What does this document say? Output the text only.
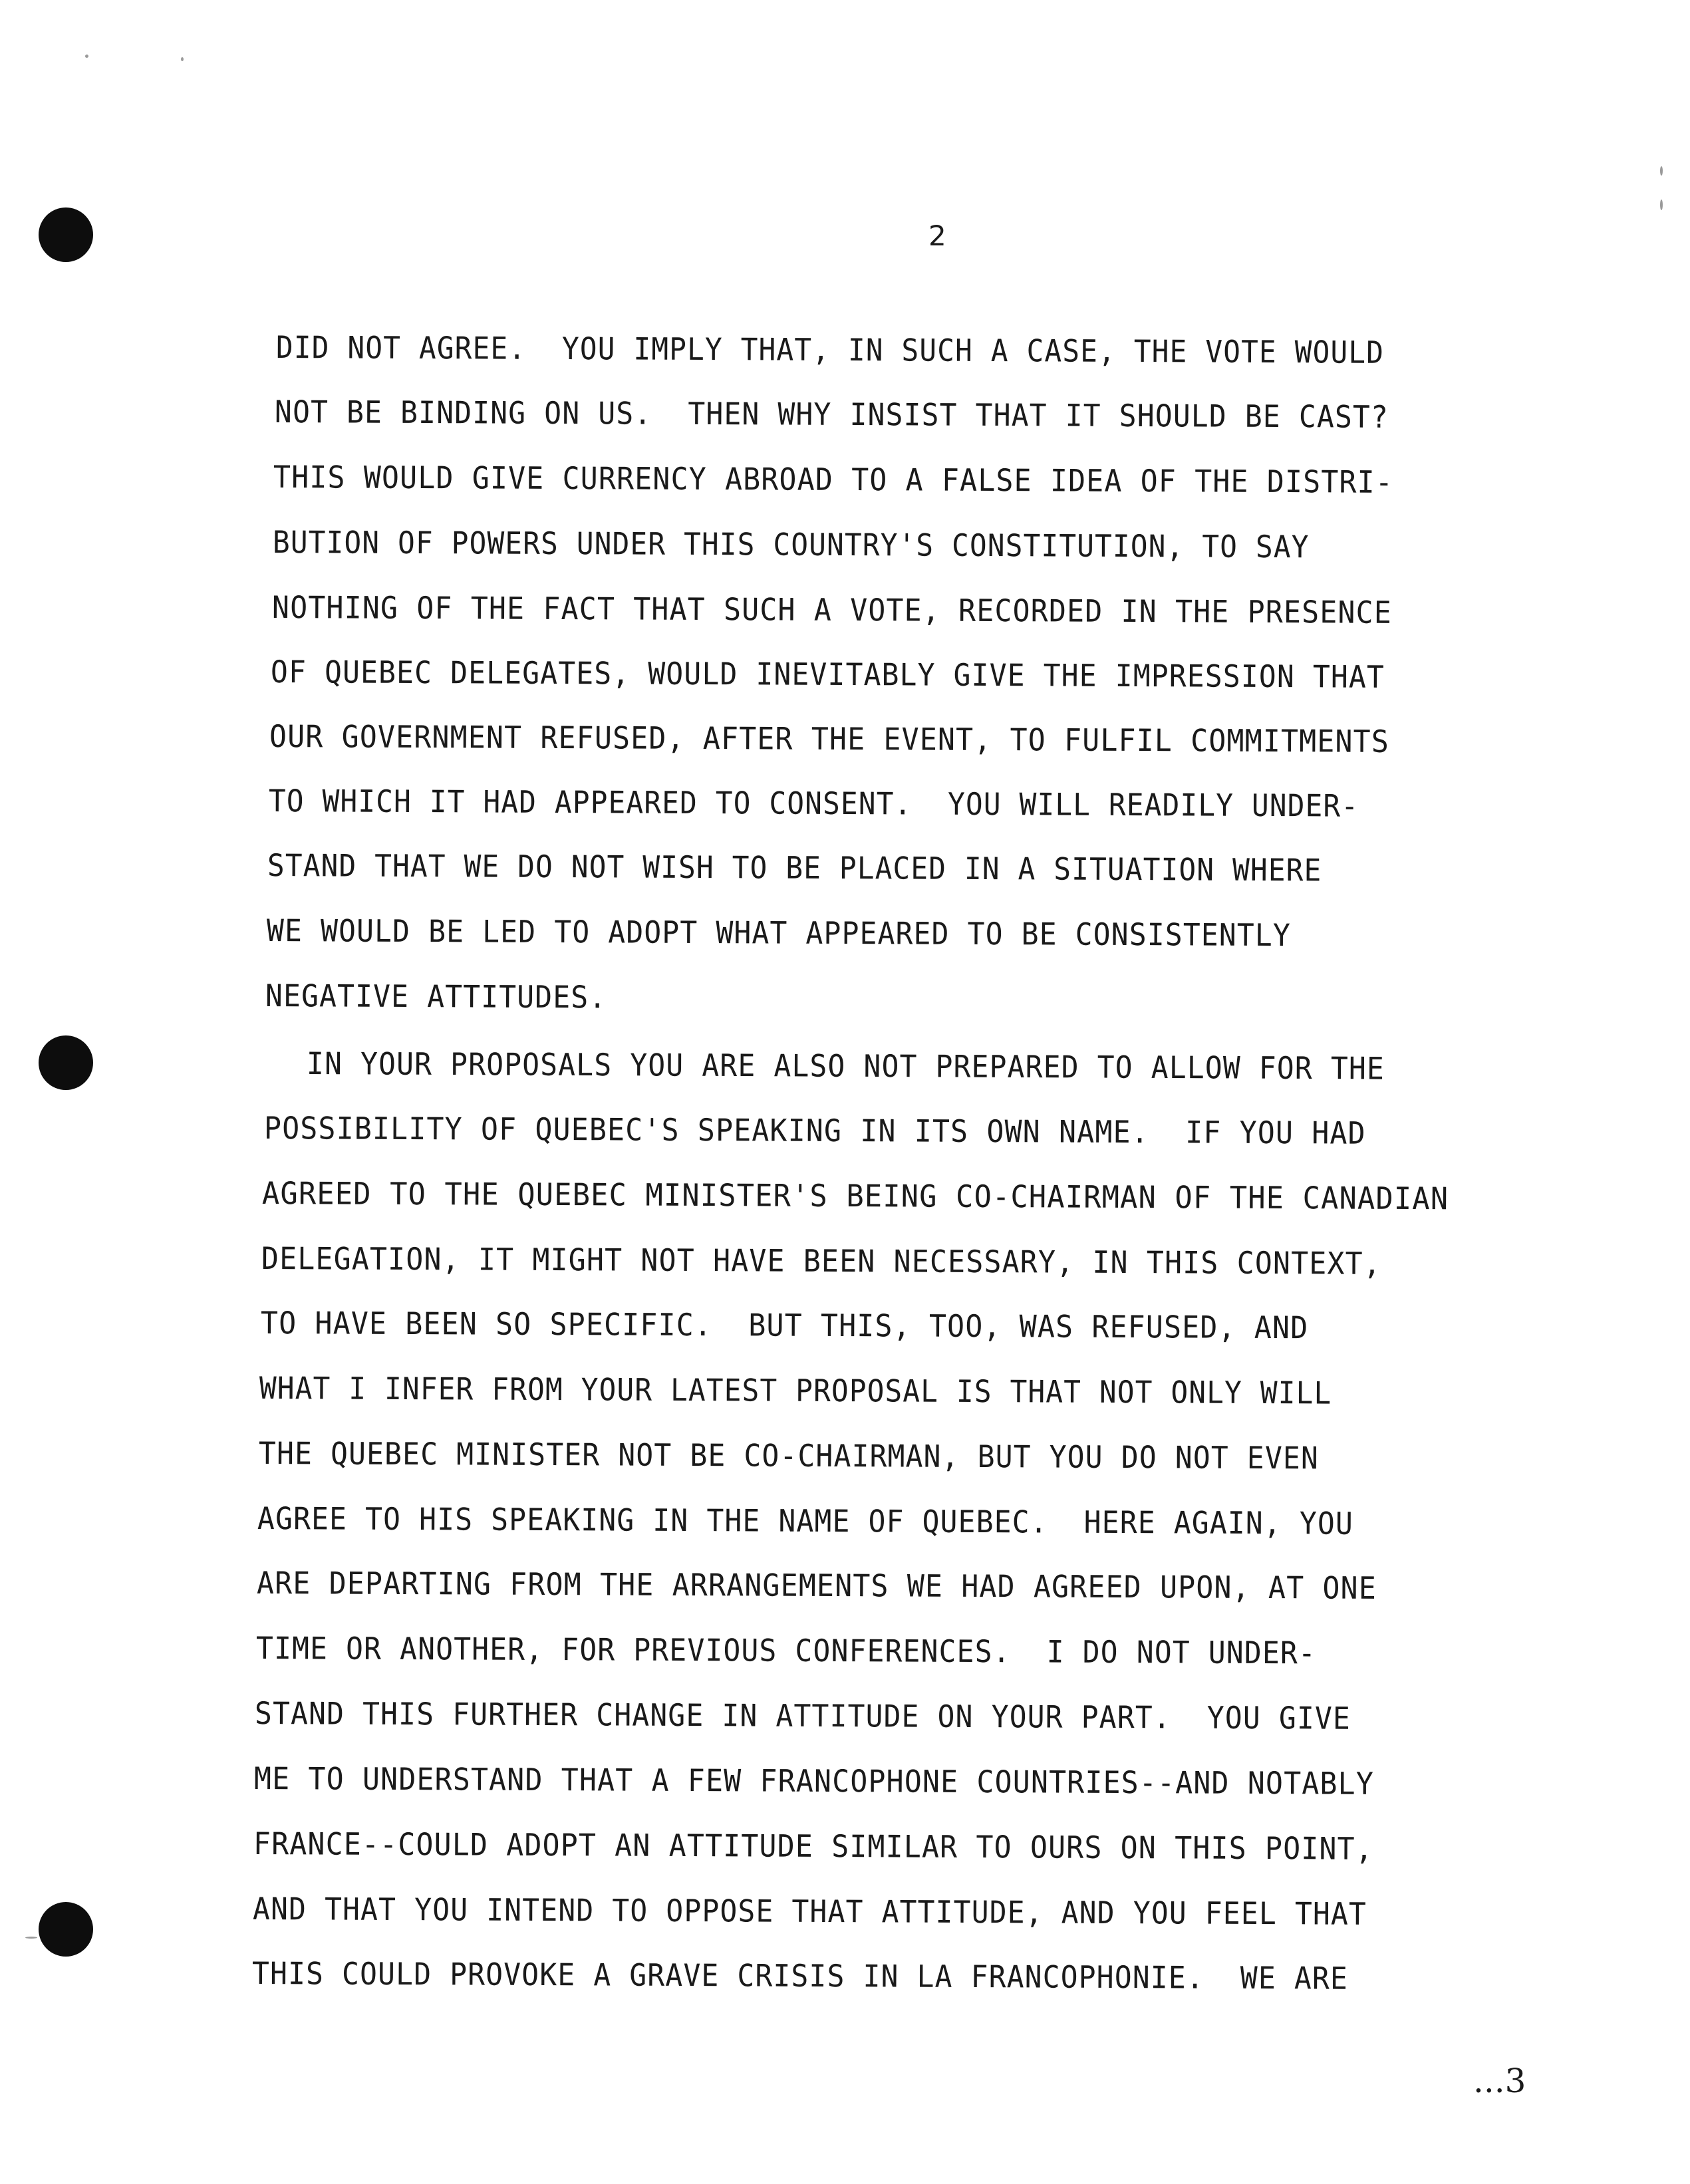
2
DID NOT AGREE.  YOU IMPLY THAT, IN SUCH A CASE, THE VOTE WOULD
NOT BE BINDING ON US.  THEN WHY INSIST THAT IT SHOULD BE CAST?
THIS WOULD GIVE CURRENCY ABROAD TO A FALSE IDEA OF THE DISTRI-
BUTION OF POWERS UNDER THIS COUNTRY'S CONSTITUTION, TO SAY
NOTHING OF THE FACT THAT SUCH A VOTE, RECORDED IN THE PRESENCE
OF QUEBEC DELEGATES, WOULD INEVITABLY GIVE THE IMPRESSION THAT
OUR GOVERNMENT REFUSED, AFTER THE EVENT, TO FULFIL COMMITMENTS
TO WHICH IT HAD APPEARED TO CONSENT.  YOU WILL READILY UNDER-
STAND THAT WE DO NOT WISH TO BE PLACED IN A SITUATION WHERE
WE WOULD BE LED TO ADOPT WHAT APPEARED TO BE CONSISTENTLY
NEGATIVE ATTITUDES.
IN YOUR PROPOSALS YOU ARE ALSO NOT PREPARED TO ALLOW FOR THE
POSSIBILITY OF QUEBEC'S SPEAKING IN ITS OWN NAME.  IF YOU HAD
AGREED TO THE QUEBEC MINISTER'S BEING CO-CHAIRMAN OF THE CANADIAN
DELEGATION, IT MIGHT NOT HAVE BEEN NECESSARY, IN THIS CONTEXT,
TO HAVE BEEN SO SPECIFIC.  BUT THIS, TOO, WAS REFUSED, AND
WHAT I INFER FROM YOUR LATEST PROPOSAL IS THAT NOT ONLY WILL
THE QUEBEC MINISTER NOT BE CO-CHAIRMAN, BUT YOU DO NOT EVEN
AGREE TO HIS SPEAKING IN THE NAME OF QUEBEC.  HERE AGAIN, YOU
ARE DEPARTING FROM THE ARRANGEMENTS WE HAD AGREED UPON, AT ONE
TIME OR ANOTHER, FOR PREVIOUS CONFERENCES.  I DO NOT UNDER-
STAND THIS FURTHER CHANGE IN ATTITUDE ON YOUR PART.  YOU GIVE
ME TO UNDERSTAND THAT A FEW FRANCOPHONE COUNTRIES--AND NOTABLY
FRANCE--COULD ADOPT AN ATTITUDE SIMILAR TO OURS ON THIS POINT,
AND THAT YOU INTEND TO OPPOSE THAT ATTITUDE, AND YOU FEEL THAT
THIS COULD PROVOKE A GRAVE CRISIS IN LA FRANCOPHONIE.  WE ARE
...3
